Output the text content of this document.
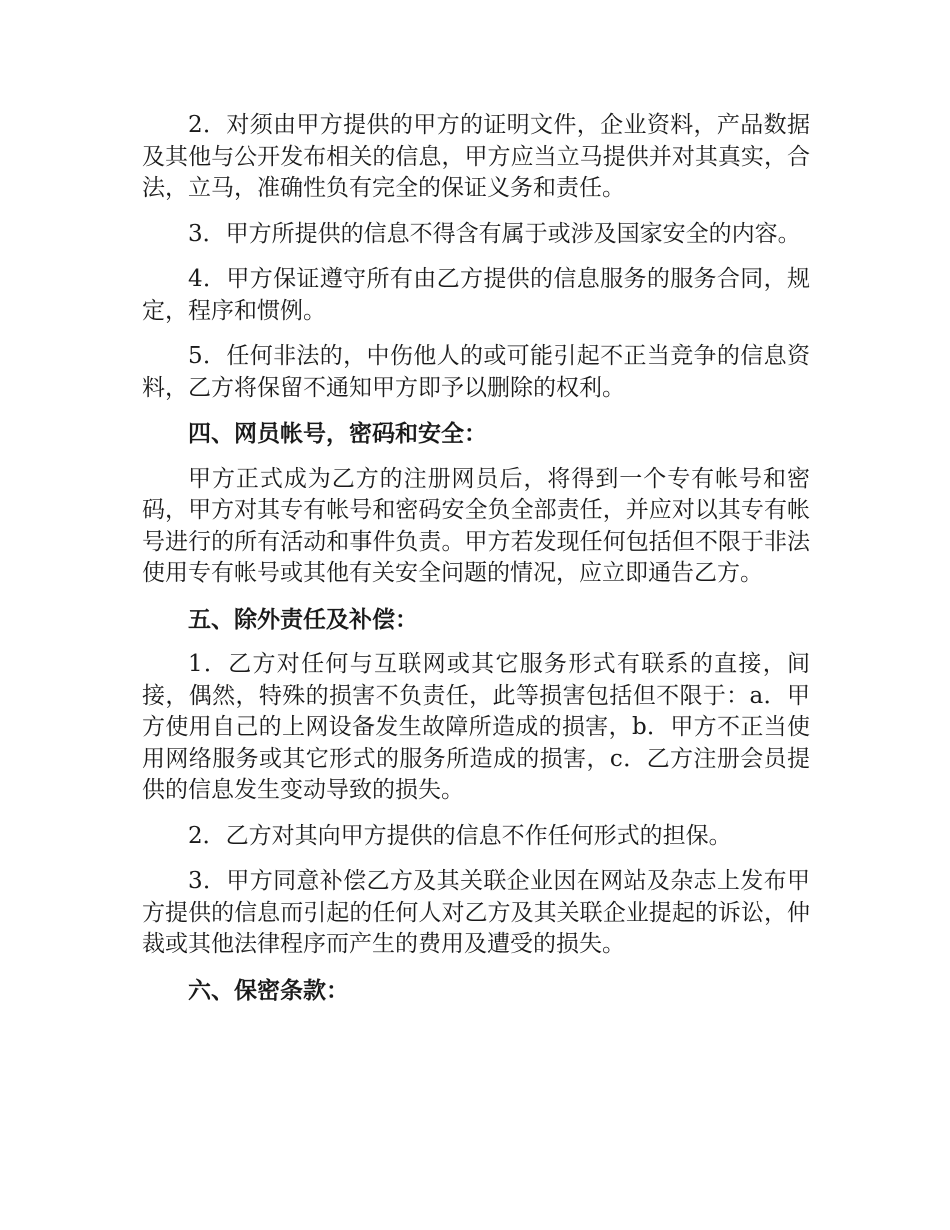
2．对须由甲方提供的甲方的证明文件，企业资料，产品数据及其他与公开发布相关的信息，甲方应当立马提供并对其真实，合法，立马，准确性负有完全的保证义务和责任。

3．甲方所提供的信息不得含有属于或涉及国家安全的内容。

4．甲方保证遵守所有由乙方提供的信息服务的服务合同，规定，程序和惯例。

5．任何非法的，中伤他人的或可能引起不正当竞争的信息资料，乙方将保留不通知甲方即予以删除的权利。

四、网员帐号，密码和安全：

甲方正式成为乙方的注册网员后，将得到一个专有帐号和密码，甲方对其专有帐号和密码安全负全部责任，并应对以其专有帐号进行的所有活动和事件负责。甲方若发现任何包括但不限于非法使用专有帐号或其他有关安全问题的情况，应立即通告乙方。

五、除外责任及补偿：

1．乙方对任何与互联网或其它服务形式有联系的直接，间接，偶然，特殊的损害不负责任，此等损害包括但不限于：a．甲方使用自己的上网设备发生故障所造成的损害，b．甲方不正当使用网络服务或其它形式的服务所造成的损害，c．乙方注册会员提供的信息发生变动导致的损失。

2．乙方对其向甲方提供的信息不作任何形式的担保。

3．甲方同意补偿乙方及其关联企业因在网站及杂志上发布甲方提供的信息而引起的任何人对乙方及其关联企业提起的诉讼，仲裁或其他法律程序而产生的费用及遭受的损失。

六、保密条款：
